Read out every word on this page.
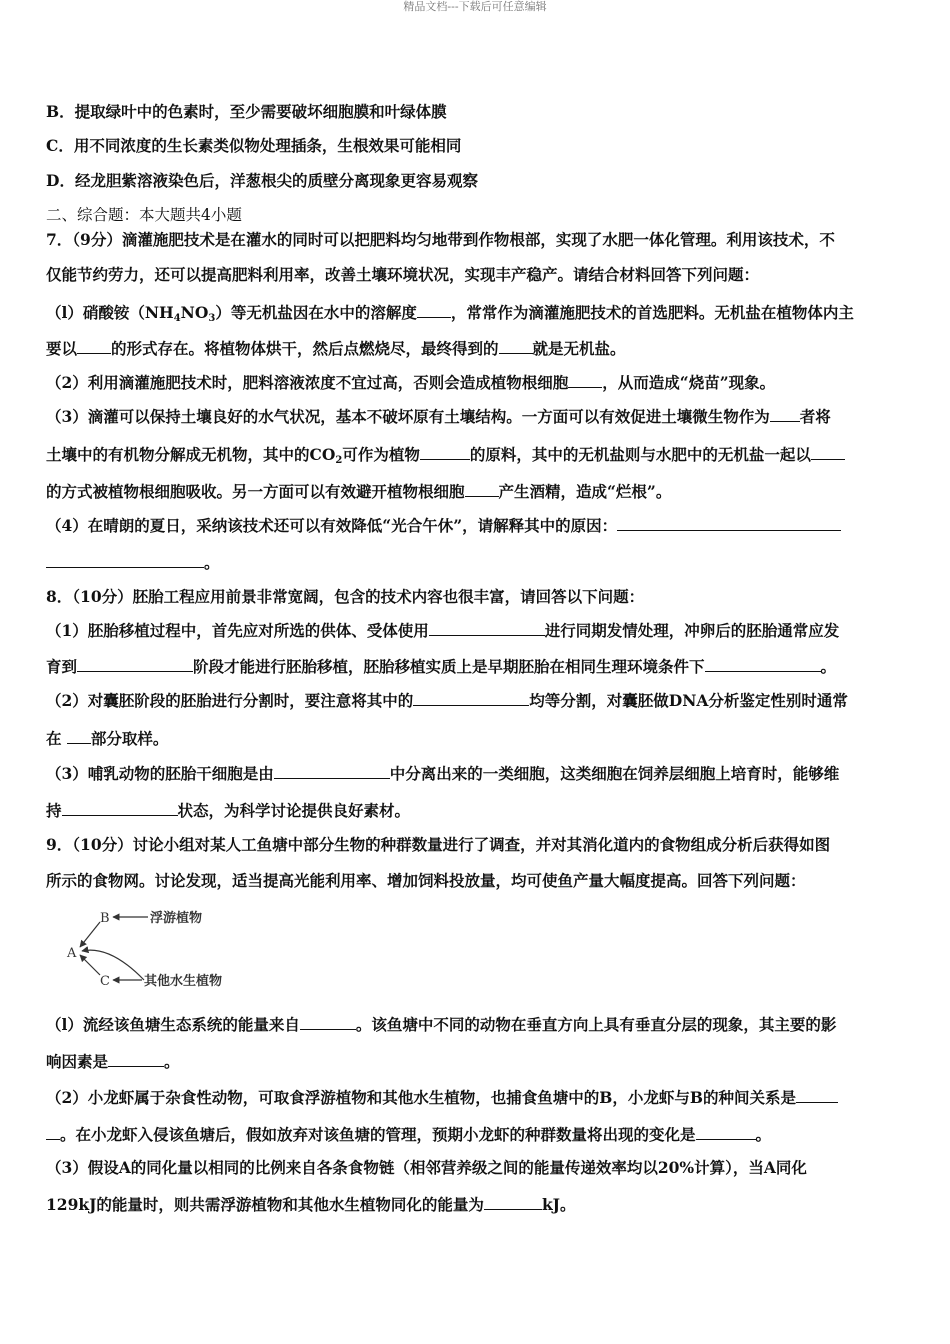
精品文档---下载后可任意编辑
B．提取绿叶中的色素时，至少需要破坏细胞膜和叶绿体膜
C．用不同浓度的生长素类似物处理插条，生根效果可能相同
D．经龙胆紫溶液染色后，洋葱根尖的质壁分离现象更容易观察
二、综合题：本大题共4小题
7．（9分）滴灌施肥技术是在灌水的同时可以把肥料均匀地带到作物根部，实现了水肥一体化管理。利用该技术，不
仅能节约劳力，还可以提高肥料利用率，改善土壤环境状况，实现丰产稳产。请结合材料回答下列问题：
（l）硝酸铵$(NH_4NO_3)$等无机盐因在水中的溶解度 ，常常作为滴灌施肥技术的首选肥料。无机盐在植物体内主
要以 的形式存在。将植物体烘干，然后点燃烧尽，最终得到的 就是无机盐。
（2）利用滴灌施肥技术时，肥料溶液浓度不宜过高，否则会造成植物根细胞 ，从而造成“烧苗”现象。
（3）滴灌可以保持土壤良好的水气状况，基本不破坏原有土壤结构。一方面可以有效促进土壤微生物作为 者将
土壤中的有机物分解成无机物，其中的$CO_2$可作为植物	的原料，其中的无机盐则与水肥中的无机盐一起以
的方式被植物根细胞吸收。另一方面可以有效避开植物根细胞 产生酒精，造成“烂根”。
（4）在晴朗的夏日，采纳该技术还可以有效降低“光合午休”，请解释其中的原因：
。
8．（10分）胚胎工程应用前景非常宽阔，包含的技术内容也很丰富，请回答以下问题：
（1）胚胎移植过程中，首先应对所选的供体、受体使用	进行同期发情处理，冲卵后的胚胎通常应发
育到	阶段才能进行胚胎移植，胚胎移植实质上是早期胚胎在相同生理环境条件下	。
（2）对囊胚阶段的胚胎进行分割时，要注意将其中的	均等分割，对囊胚做DNA分析鉴定性别时通常
在 部分取样。
（3）哺乳动物的胚胎干细胞是由	中分离出来的一类细胞，这类细胞在饲养层细胞上培育时，能够维
持	状态，为科学讨论提供良好素材。
9．（10分）讨论小组对某人工鱼塘中部分生物的种群数量进行了调查，并对其消化道内的食物组成分析后获得如图
所示的食物网。讨论发现，适当提高光能利用率、增加饲料投放量，均可使鱼产量大幅度提高。回答下列问题：
B
A
C
浮游植物
其他水生植物
（l）流经该鱼塘生态系统的能量来自	。该鱼塘中不同的动物在垂直方向上具有垂直分层的现象，其主要的影
响因素是	。
（2）小龙虾属于杂食性动物，可取食浮游植物和其他水生植物，也捕食鱼塘中的B，小龙虾与B的种间关系是
。在小龙虾入侵该鱼塘后，假如放弃对该鱼塘的管理，预期小龙虾的种群数量将出现的变化是	。
（3）假设A的同化量以相同的比例来自各条食物链（相邻营养级之间的能量传递效率均以20%计算），当A同化
129kJ的能量时，则共需浮游植物和其他水生植物同化的能量为	kJ。
